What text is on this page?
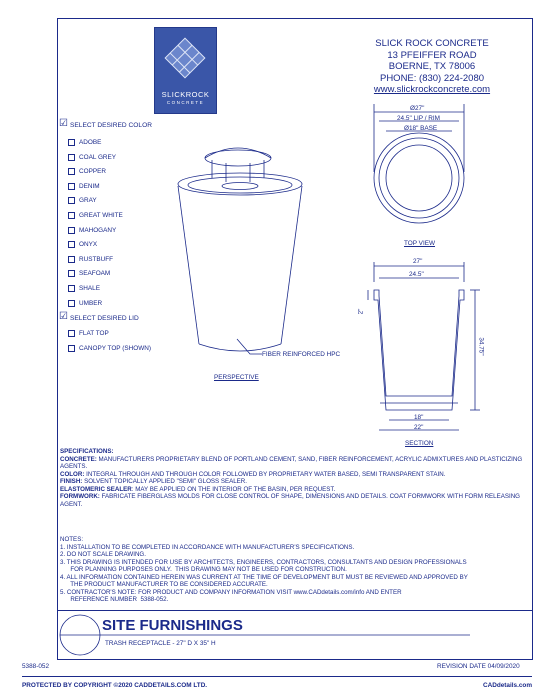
SLICKROCK
CONCRETE
SLICK ROCK CONCRETE
13 PFEIFFER ROAD
BOERNE, TX 78006
PHONE: (830) 224-2080
www.slickrockconcrete.com
☑ SELECT DESIRED COLOR
ADOBE
COAL GREY
COPPER
DENIM
GRAY
GREAT WHITE
MAHOGANY
ONYX
RUSTBUFF
SEAFOAM
SHALE
UMBER
☑ SELECT DESIRED LID
FLAT TOP
CANOPY TOP (SHOWN)
FIBER REINFORCED HPC
PERSPECTIVE
Ø27"
24.5" LIP / RIM
Ø18" BASE
TOP VIEW
27"
24.5"
2"
34.75"
18"
22"
SECTION

SPECIFICATIONS:

CONCRETE: MANUFACTURERS PROPRIETARY BLEND OF PORTLAND CEMENT, SAND, FIBER REINFORCEMENT, ACRYLIC ADMIXTURES AND PLASTICIZING AGENTS.

COLOR: INTEGRAL THROUGH AND THROUGH COLOR FOLLOWED BY PROPRIETARY WATER BASED, SEMI TRANSPARENT STAIN.

FINISH: SOLVENT TOPICALLY APPLIED "SEMI" GLOSS SEALER.

ELASTOMERIC SEALER: MAY BE APPLIED ON THE INTERIOR OF THE BASIN, PER REQUEST.

FORMWORK: FABRICATE FIBERGLASS MOLDS FOR CLOSE CONTROL OF SHAPE, DIMENSIONS AND DETAILS. COAT FORMWORK WITH FORM RELEASING AGENT.

NOTES:

1. INSTALLATION TO BE COMPLETED IN ACCORDANCE WITH MANUFACTURER'S SPECIFICATIONS.

2. DO NOT SCALE DRAWING.

3. THIS DRAWING IS INTENDED FOR USE BY ARCHITECTS, ENGINEERS, CONTRACTORS, CONSULTANTS AND DESIGN PROFESSIONALS

FOR PLANNING PURPOSES ONLY.  THIS DRAWING MAY NOT BE USED FOR CONSTRUCTION.

4. ALL INFORMATION CONTAINED HEREIN WAS CURRENT AT THE TIME OF DEVELOPMENT BUT MUST BE REVIEWED AND APPROVED BY

THE PRODUCT MANUFACTURER TO BE CONSIDERED ACCURATE.

5. CONTRACTOR'S NOTE: FOR PRODUCT AND COMPANY INFORMATION VISIT www.CADdetails.com/info AND ENTER

REFERENCE NUMBER  5388-052.

SITE FURNISHINGS
TRASH RECEPTACLE - 27" D X 35" H
5388-052	REVISION DATE 04/09/2020
PROTECTED BY COPYRIGHT ©2020 CADDETAILS.COM LTD.	CADdetails.com
